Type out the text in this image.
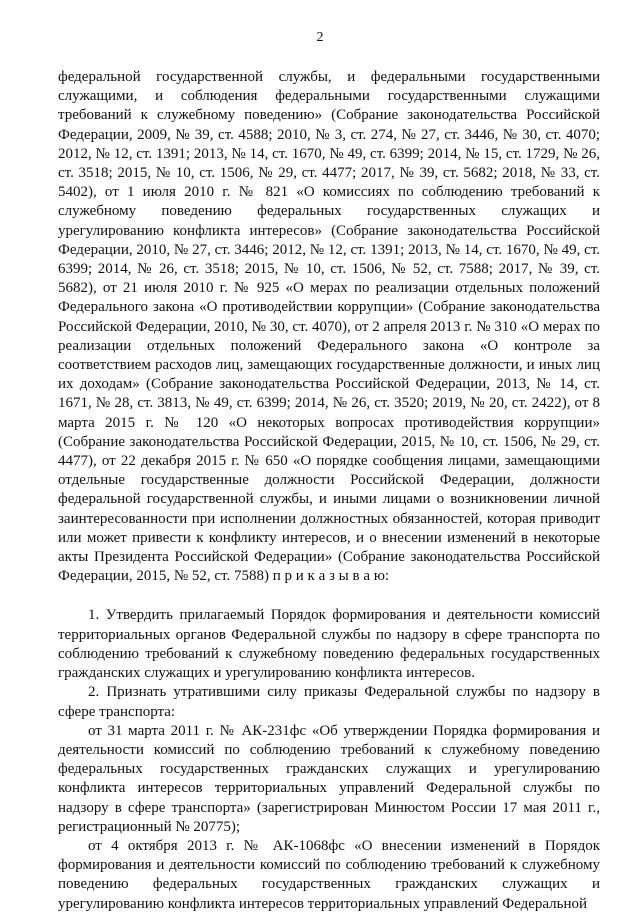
2

федеральной государственной службы, и федеральными государственными служащими, и соблюдения федеральными государственными служащими требований к служебному поведению» (Собрание законодательства Российской Федерации, 2009, № 39, ст. 4588; 2010, № 3, ст. 274, № 27, ст. 3446, № 30, ст. 4070; 2012, № 12, ст. 1391; 2013, № 14, ст. 1670, № 49, ст. 6399; 2014, № 15, ст. 1729, № 26, ст. 3518; 2015, № 10, ст. 1506, № 29, ст. 4477; 2017, № 39, ст. 5682; 2018, № 33, ст. 5402), от 1 июля 2010 г. № 821 «О комиссиях по соблюдению требований к служебному поведению федеральных государственных служащих и урегулированию конфликта интересов» (Собрание законодательства Российской Федерации, 2010, № 27, ст. 3446; 2012, № 12, ст. 1391; 2013, № 14, ст. 1670, № 49, ст. 6399; 2014, № 26, ст. 3518; 2015, № 10, ст. 1506, № 52, ст. 7588; 2017, № 39, ст. 5682), от 21 июля 2010 г. № 925 «О мерах по реализации отдельных положений Федерального закона «О противодействии коррупции» (Собрание законодательства Российской Федерации, 2010, № 30, ст. 4070), от 2 апреля 2013 г. № 310 «О мерах по реализации отдельных положений Федерального закона «О контроле за соответствием расходов лиц, замещающих государственные должности, и иных лиц их доходам» (Собрание законодательства Российской Федерации, 2013, № 14, ст. 1671, № 28, ст. 3813, № 49, ст. 6399; 2014, № 26, ст. 3520; 2019, № 20, ст. 2422), от 8 марта 2015 г. № 120 «О некоторых вопросах противодействия коррупции» (Собрание законодательства Российской Федерации, 2015, № 10, ст. 1506, № 29, ст. 4477), от 22 декабря 2015 г. № 650 «О порядке сообщения лицами, замещающими отдельные государственные должности Российской Федерации, должности федеральной государственной службы, и иными лицами о возникновении личной заинтересованности при исполнении должностных обязанностей, которая приводит или может привести к конфликту интересов, и о внесении изменений в некоторые акты Президента Российской Федерации» (Собрание законодательства Российской Федерации, 2015, № 52, ст. 7588) п р и к а з ы в а ю:

1. Утвердить прилагаемый Порядок формирования и деятельности комиссий территориальных органов Федеральной службы по надзору в сфере транспорта по соблюдению требований к служебному поведению федеральных государственных гражданских служащих и урегулированию конфликта интересов.

2. Признать утратившими силу приказы Федеральной службы по надзору в сфере транспорта:

от 31 марта 2011 г. № АК-231фс «Об утверждении Порядка формирования и деятельности комиссий по соблюдению требований к служебному поведению федеральных государственных гражданских служащих и урегулированию конфликта интересов территориальных управлений Федеральной службы по надзору в сфере транспорта» (зарегистрирован Минюстом России 17 мая 2011 г., регистрационный № 20775);

от 4 октября 2013 г. № АК-1068фс «О внесении изменений в Порядок формирования и деятельности комиссий по соблюдению требований к служебному поведению федеральных государственных гражданских служащих и урегулированию конфликта интересов территориальных управлений Федеральной
